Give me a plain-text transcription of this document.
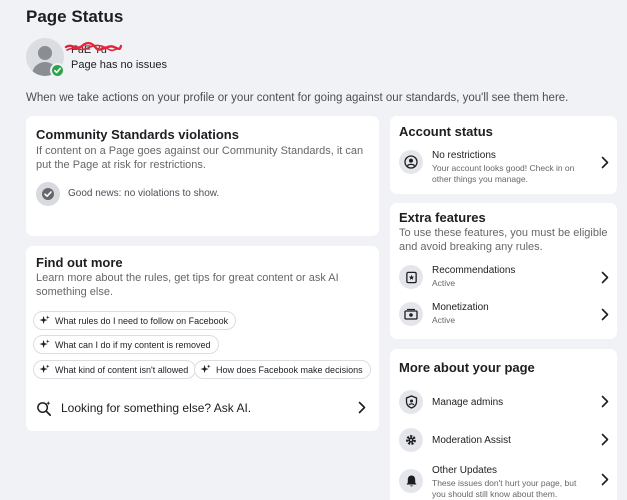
Page Status
FuE Yu
Page has no issues
When we take actions on your profile or your content for going against our standards, you'll see them here.
Community Standards violations
If content on a Page goes against our Community Standards, it can put the Page at risk for restrictions.
Good news: no violations to show.
Find out more
Learn more about the rules, get tips for great content or ask AI something else.
What rules do I need to follow on Facebook
What can I do if my content is removed
What kind of content isn't allowed	How does Facebook make decisions
Looking for something else? Ask AI.
Account status
No restrictions
Your account looks good! Check in on other things you manage.
Extra features
To use these features, you must be eligible and avoid breaking any rules.
Recommendations
Active
Monetization
Active
More about your page
Manage admins
Moderation Assist
Other Updates
These issues don't hurt your page, but you should still know about them.
